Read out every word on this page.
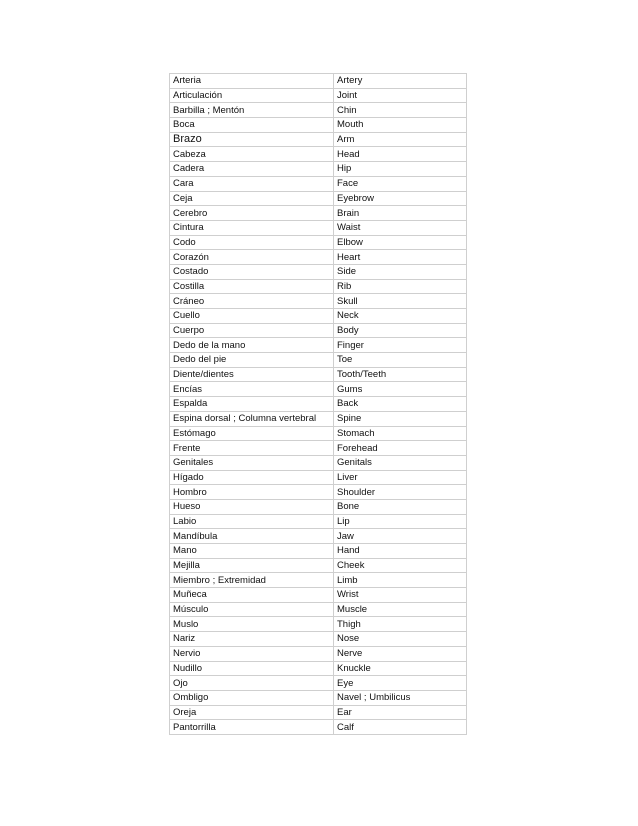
Arteria	Artery
Articulación	Joint
Barbilla ; Mentón	Chin
Boca	Mouth
Brazo	Arm
Cabeza	Head
Cadera	Hip
Cara	Face
Ceja	Eyebrow
Cerebro	Brain
Cintura	Waist
Codo	Elbow
Corazón	Heart
Costado	Side
Costilla	Rib
Cráneo	Skull
Cuello	Neck
Cuerpo	Body
Dedo de la mano	Finger
Dedo del pie	Toe
Diente/dientes	Tooth/Teeth
Encías	Gums
Espalda	Back
Espina dorsal ; Columna vertebral	Spine
Estómago	Stomach
Frente	Forehead
Genitales	Genitals
Hígado	Liver
Hombro	Shoulder
Hueso	Bone
Labio	Lip
Mandíbula	Jaw
Mano	Hand
Mejilla	Cheek
Miembro ; Extremidad	Limb
Muñeca	Wrist
Músculo	Muscle
Muslo	Thigh
Nariz	Nose
Nervio	Nerve
Nudillo	Knuckle
Ojo	Eye
Ombligo	Navel ; Umbilicus
Oreja	Ear
Pantorrilla	Calf
